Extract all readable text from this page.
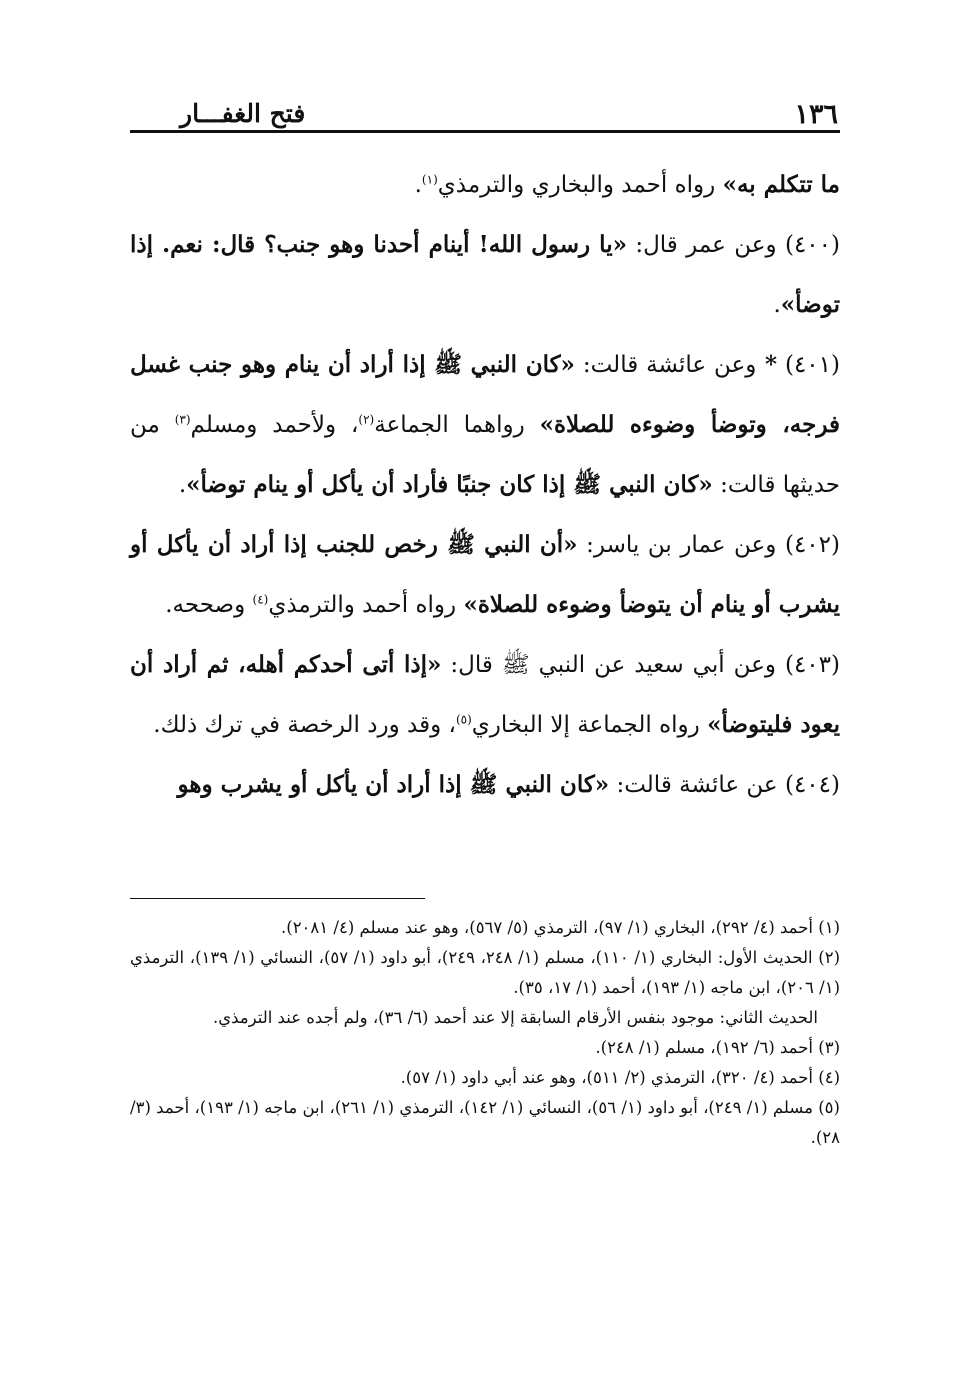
١٣٦
فتح الغفـــار

ما تتكلم به» رواه أحمد والبخاري والترمذي$^{(١)}$.

(٤٠٠) وعن عمر قال: «يا رسول الله! أينام أحدنا وهو جنب؟ قال: نعم. إذا توضأ».

(٤٠١) * وعن عائشة قالت: «كان النبي ﷺ إذا أراد أن ينام وهو جنب غسل فرجه، وتوضأ وضوءه للصلاة» رواهما الجماعة$^{(٢)}$، ولأحمد ومسلم$^{(٣)}$ من حديثها قالت: «كان النبي ﷺ إذا كان جنبًا فأراد أن يأكل أو ينام توضأ».

(٤٠٢) وعن عمار بن ياسر: «أن النبي ﷺ رخص للجنب إذا أراد أن يأكل أو يشرب أو ينام أن يتوضأ وضوءه للصلاة» رواه أحمد والترمذي$^{(٤)}$ وصححه.

(٤٠٣) وعن أبي سعيد عن النبي ﷺ قال: «إذا أتى أحدكم أهله، ثم أراد أن يعود فليتوضأ» رواه الجماعة إلا البخاري$^{(٥)}$، وقد ورد الرخصة في ترك ذلك.

(٤٠٤) عن عائشة قالت: «كان النبي ﷺ إذا أراد أن يأكل أو يشرب وهو

(١) أحمد (٤/ ٢٩٢)، البخاري (١/ ٩٧)، الترمذي (٥/ ٥٦٧)، وهو عند مسلم (٤/ ٢٠٨١).

(٢) الحديث الأول: البخاري (١/ ١١٠)، مسلم (١/ ٢٤٨، ٢٤٩)، أبو داود (١/ ٥٧)، النسائي (١/ ١٣٩)، الترمذي (١/ ٢٠٦)، ابن ماجه (١/ ١٩٣)، أحمد (١/ ١٧، ٣٥).

الحديث الثاني: موجود بنفس الأرقام السابقة إلا عند أحمد (٦/ ٣٦)، ولم أجده عند الترمذي.

(٣) أحمد (٦/ ١٩٢)، مسلم (١/ ٢٤٨).

(٤) أحمد (٤/ ٣٢٠)، الترمذي (٢/ ٥١١)، وهو عند أبي داود (١/ ٥٧).

(٥) مسلم (١/ ٢٤٩)، أبو داود (١/ ٥٦)، النسائي (١/ ١٤٢)، الترمذي (١/ ٢٦١)، ابن ماجه (١/ ١٩٣)، أحمد (٣/ ٢٨).
